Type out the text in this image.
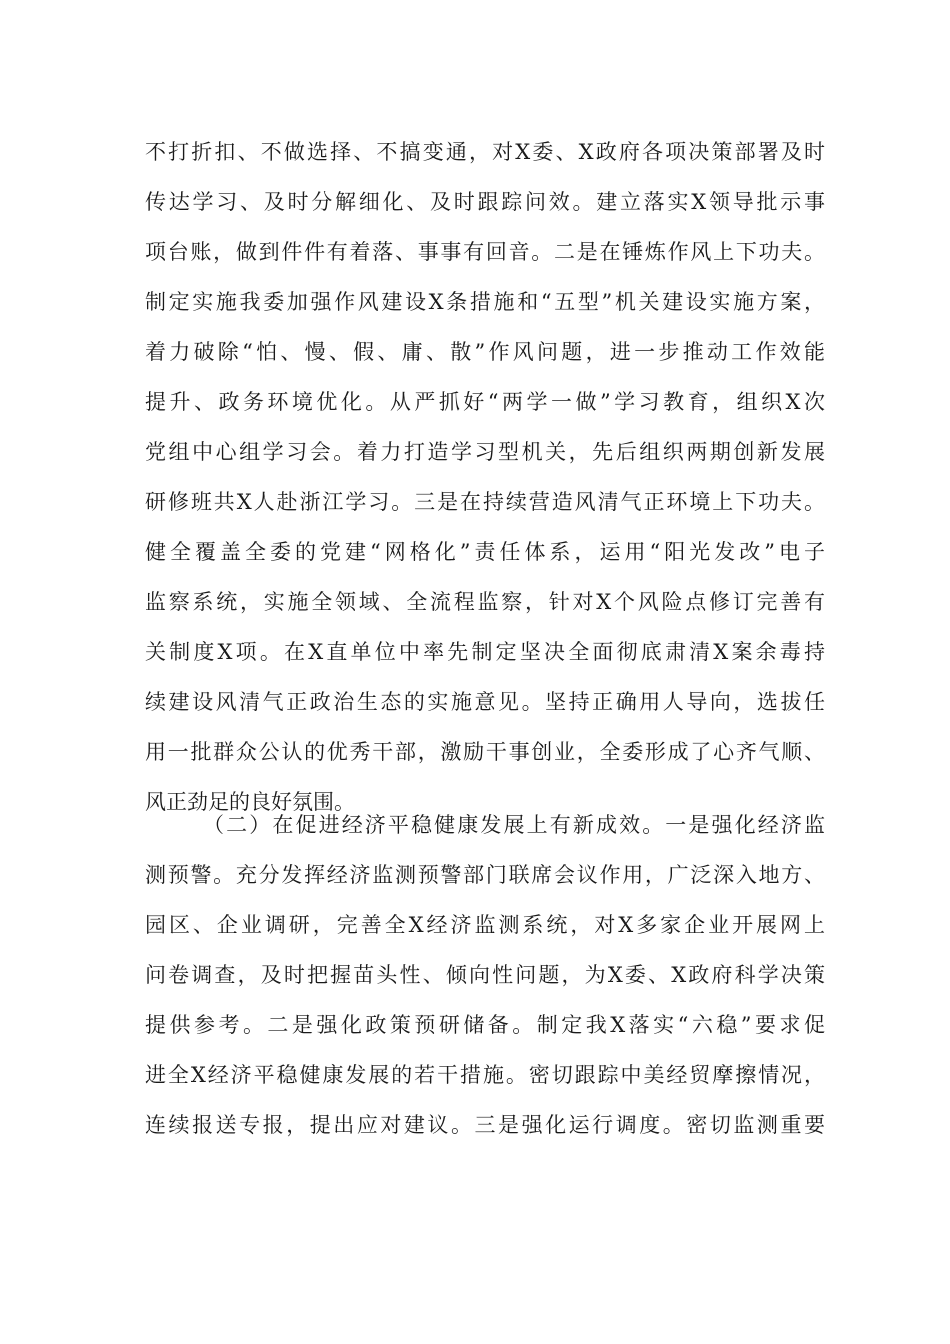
不打折扣、不做选择、不搞变通，对X委、X政府各项决策部署及时
传达学习、及时分解细化、及时跟踪问效。建立落实X领导批示事
项台账，做到件件有着落、事事有回音。二是在锤炼作风上下功夫。
制定实施我委加强作风建设X条措施和“五型”机关建设实施方案，
着力破除“怕、慢、假、庸、散”作风问题，进一步推动工作效能
提升、政务环境优化。从严抓好“两学一做”学习教育，组织X次
党组中心组学习会。着力打造学习型机关，先后组织两期创新发展
研修班共X人赴浙江学习。三是在持续营造风清气正环境上下功夫。
健全覆盖全委的党建“网格化”责任体系，运用“阳光发改”电子
监察系统，实施全领域、全流程监察，针对X个风险点修订完善有
关制度X项。在X直单位中率先制定坚决全面彻底肃清X案余毒持
续建设风清气正政治生态的实施意见。坚持正确用人导向，选拔任
用一批群众公认的优秀干部，激励干事创业，全委形成了心齐气顺、
风正劲足的良好氛围。
（二）在促进经济平稳健康发展上有新成效。一是强化经济监
测预警。充分发挥经济监测预警部门联席会议作用，广泛深入地方、
园区、企业调研，完善全X经济监测系统，对X多家企业开展网上
问卷调查，及时把握苗头性、倾向性问题，为X委、X政府科学决策
提供参考。二是强化政策预研储备。制定我X落实“六稳”要求促
进全X经济平稳健康发展的若干措施。密切跟踪中美经贸摩擦情况，
连续报送专报，提出应对建议。三是强化运行调度。密切监测重要
